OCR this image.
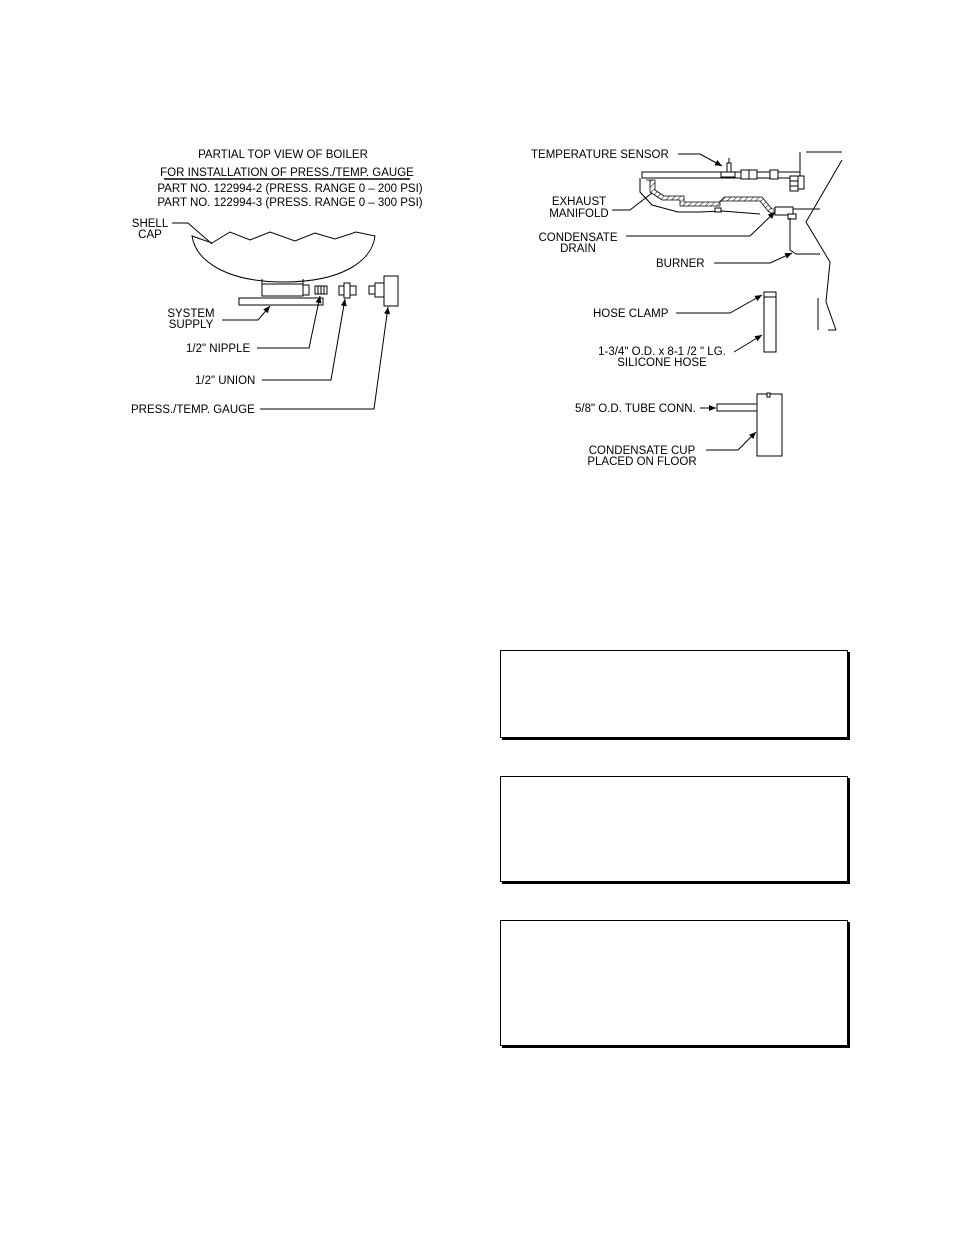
PARTIAL TOP VIEW OF BOILER
FOR INSTALLATION OF PRESS./TEMP. GAUGE
PART NO. 122994-2 (PRESS. RANGE 0 – 200 PSI)
PART NO. 122994-3 (PRESS. RANGE 0 – 300 PSI)
SHELL
CAP
SYSTEM
SUPPLY
1/2" NIPPLE
1/2" UNION
PRESS./TEMP. GAUGE
TEMPERATURE SENSOR
EXHAUST
MANIFOLD
CONDENSATE
DRAIN
BURNER
HOSE CLAMP
1-3/4" O.D. x 8-1 /2 " LG.
SILICONE HOSE
5/8" O.D. TUBE CONN.
CONDENSATE CUP
PLACED ON FLOOR
